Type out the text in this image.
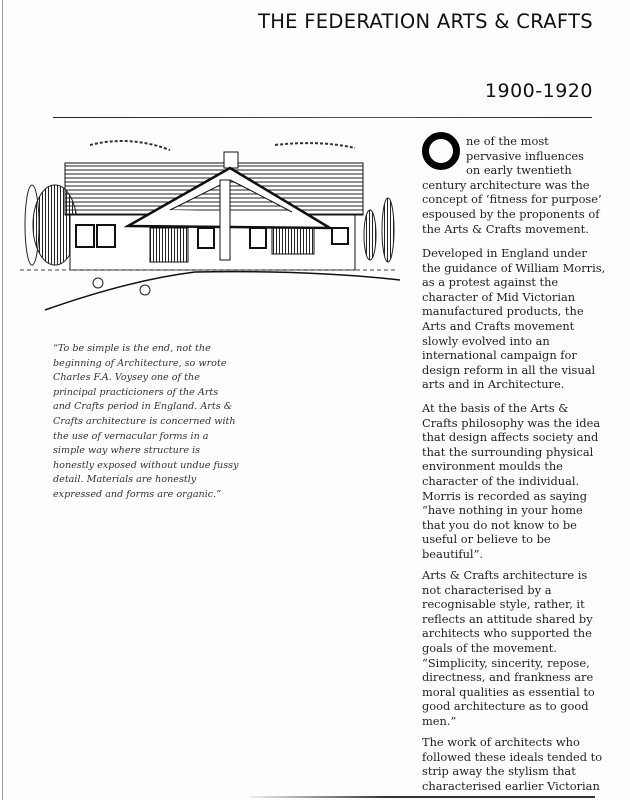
THE FEDERATION ARTS & CRAFTS
1900-1920
“To be simple is the end, not the
beginning of Architecture, so wrote
Charles F.A. Voysey one of the
principal practicioners of the Arts
and Crafts period in England. Arts &
Crafts architecture is concerned with
the use of vernacular forms in a
simple way where structure is
honestly exposed without undue fussy
detail. Materials are honestly
expressed and forms are organic.”
ne of the most
pervasive influences
on early twentieth
century architecture was the
concept of ‘fitness for purpose’
espoused by the proponents of
the Arts & Crafts movement.
Developed in England under
the guidance of William Morris,
as a protest against the
character of Mid Victorian
manufactured products, the
Arts and Crafts movement
slowly evolved into an
international campaign for
design reform in all the visual
arts and in Architecture.
At the basis of the Arts &
Crafts philosophy was the idea
that design affects society and
that the surrounding physical
environment moulds the
character of the individual.
Morris is recorded as saying
“have nothing in your home
that you do not know to be
useful or believe to be
beautiful”.
Arts & Crafts architecture is
not characterised by a
recognisable style, rather, it
reflects an attitude shared by
architects who supported the
goals of the movement.
“Simplicity, sincerity, repose,
directness, and frankness are
moral qualities as essential to
good architecture as to good
men.”
The work of architects who
followed these ideals tended to
strip away the stylism that
characterised earlier Victorian
